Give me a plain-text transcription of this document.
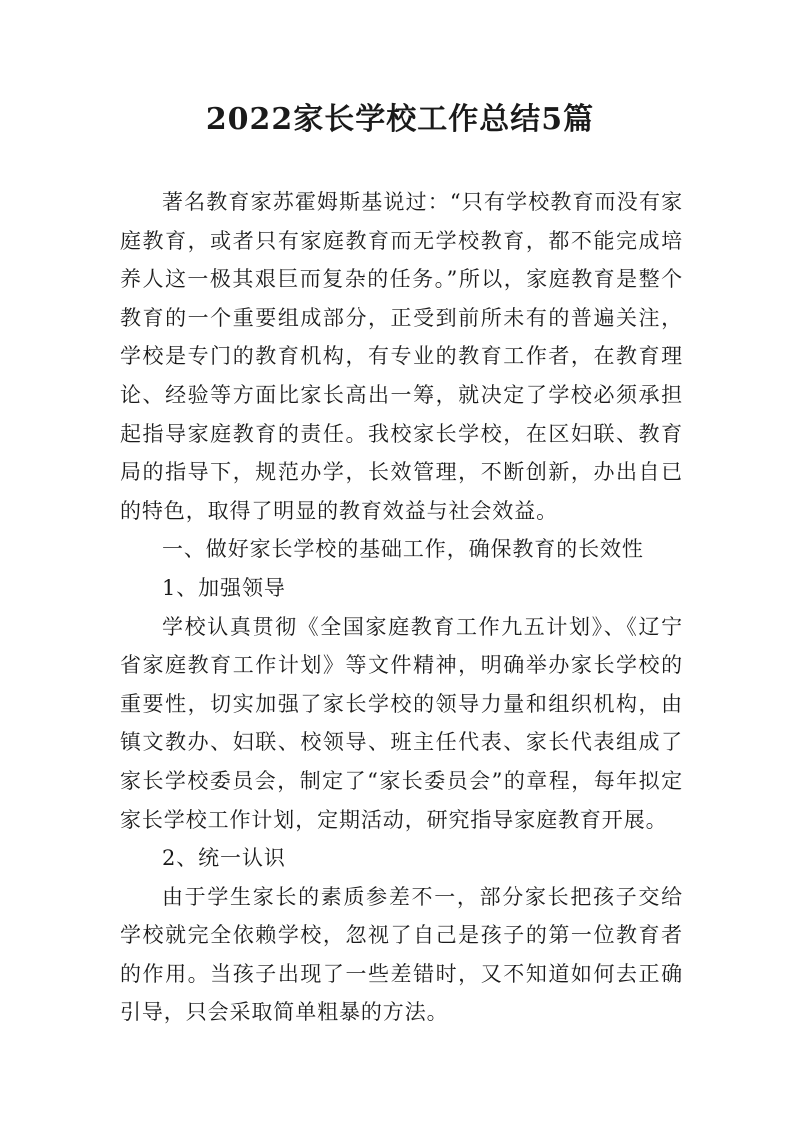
2022家长学校工作总结5篇

著名教育家苏霍姆斯基说过：“只有学校教育而没有家庭教育，或者只有家庭教育而无学校教育，都不能完成培养人这一极其艰巨而复杂的任务。”所以，家庭教育是整个教育的一个重要组成部分，正受到前所未有的普遍关注，学校是专门的教育机构，有专业的教育工作者，在教育理论、经验等方面比家长高出一筹，就决定了学校必须承担起指导家庭教育的责任。我校家长学校，在区妇联、教育局的指导下，规范办学，长效管理，不断创新，办出自已的特色，取得了明显的教育效益与社会效益。

一、做好家长学校的基础工作，确保教育的长效性

1、加强领导

学校认真贯彻《全国家庭教育工作九五计划》、《辽宁省家庭教育工作计划》等文件精神，明确举办家长学校的重要性，切实加强了家长学校的领导力量和组织机构，由镇文教办、妇联、校领导、班主任代表、家长代表组成了家长学校委员会，制定了“家长委员会”的章程，每年拟定家长学校工作计划，定期活动，研究指导家庭教育开展。

2、统一认识

由于学生家长的素质参差不一，部分家长把孩子交给学校就完全依赖学校，忽视了自己是孩子的第一位教育者的作用。当孩子出现了一些差错时，又不知道如何去正确引导，只会采取简单粗暴的方法。
